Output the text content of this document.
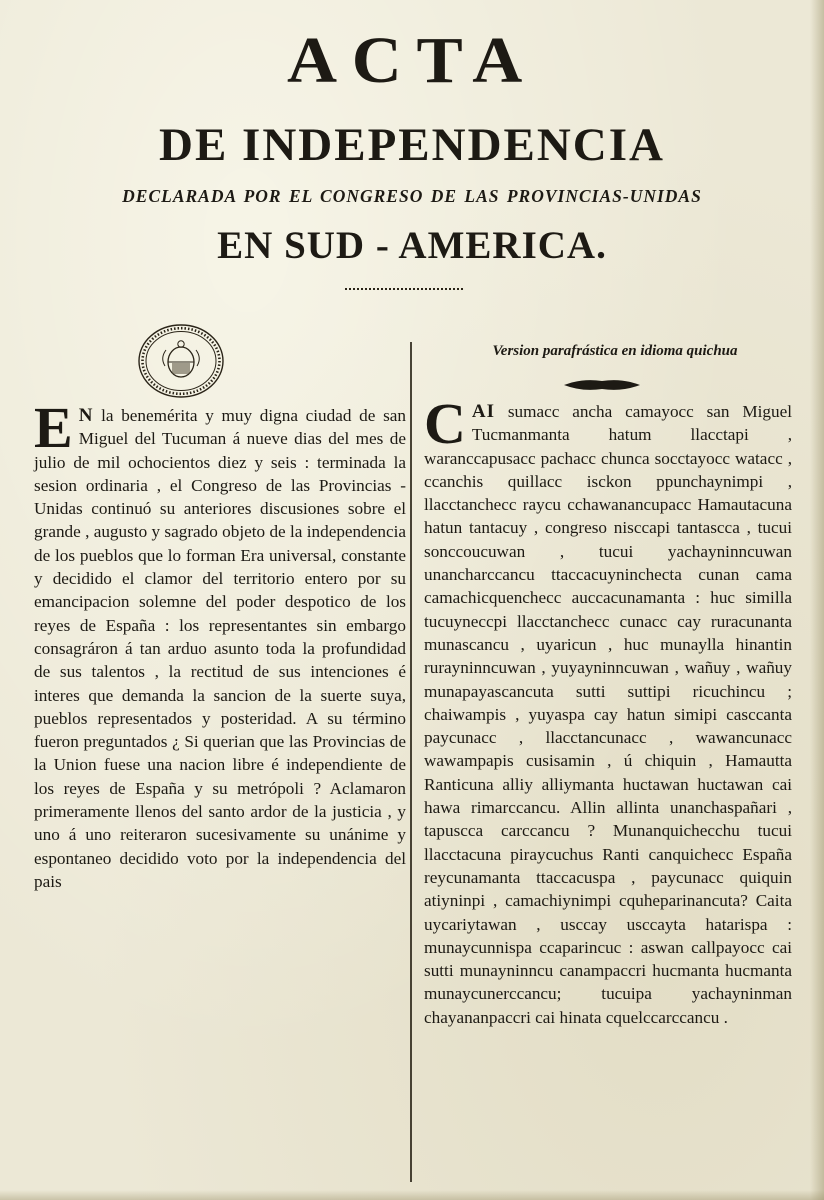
ACTA
DE INDEPENDENCIA
DECLARADA POR EL CONGRESO DE LAS PROVINCIAS-UNIDAS
EN SUD - AMERICA.
Version parafrástica en idioma quichua
E N la benemérita y muy digna ciudad de san Miguel del Tucuman á nueve dias del mes de julio de mil ochocientos diez y seis : terminada la sesion ordinaria , el Congreso de las Provincias - Unidas continuó su anteriores discusiones sobre el grande , augusto y sagrado objeto de la independencia de los pueblos que lo forman Era universal, constante y decidido el clamor del territorio entero por su emancipacion solemne del poder despotico de los reyes de España : los representantes sin embargo consagráron á tan arduo asunto toda la profundidad de sus talentos , la rectitud de sus intenciones é interes que demanda la sancion de la suerte suya, pueblos representados y posteridad. A su término fueron preguntados ¿ Si querian que las Provincias de la Union fuese una nacion libre é independiente de los reyes de España y su metrópoli ? Aclamaron primeramente llenos del santo ardor de la justicia , y uno á uno reiteraron sucesivamente su unánime y espontaneo decidido voto por la independencia del pais
CAI sumacc ancha camayocc san Miguel Tucmanmanta hatum llacctapi , waranccapusacc pachacc chunca socctayocc watacc , ccanchis quillacc isckon ppunchaynimpi , llacctanchecc raycu cchawanancupacc Hamautacuna hatun tantacuy , congreso nisccapi tantascca , tucui sonccoucuwan , tucui yachayninncuwan unancharccancu ttaccacuyninchecta cunan cama camachicquenchecc auccacunamanta : huc similla tucuyneccpi llacctanchecc cunacc cay ruracunanta munascancu , uyaricun , huc munaylla hinantin rurayninncuwan , yuyayninncuwan , wañuy , wañuy munapayascancuta sutti suttipi ricuchincu ; chaiwampis , yuyaspa cay hatun simipi casccanta paycunacc , llacctancunacc , wawancunacc wawampapis cusisamin , ú chiquin , Hamautta Ranticuna alliy alliymanta huctawan huctawan cai hawa rimarccancu. Allin allinta unanchaspañari , tapuscca carccancu ? Munanquichecchu tucui llacctacuna piraycuchus Ranti canquichecc España reycunamanta ttaccacuspa , paycunacc quiquin atiyninpi , camachiynimpi cquheparinancuta? Caita uycariytawan , usccay usccayta hatarispa : munaycunnispa ccaparincuc : aswan callpayocc cai sutti munayninncu canampaccri hucmanta hucmanta munaycunerccancu; tucuipa yachayninman chayananpaccri cai hinata cquelccarccancu .
